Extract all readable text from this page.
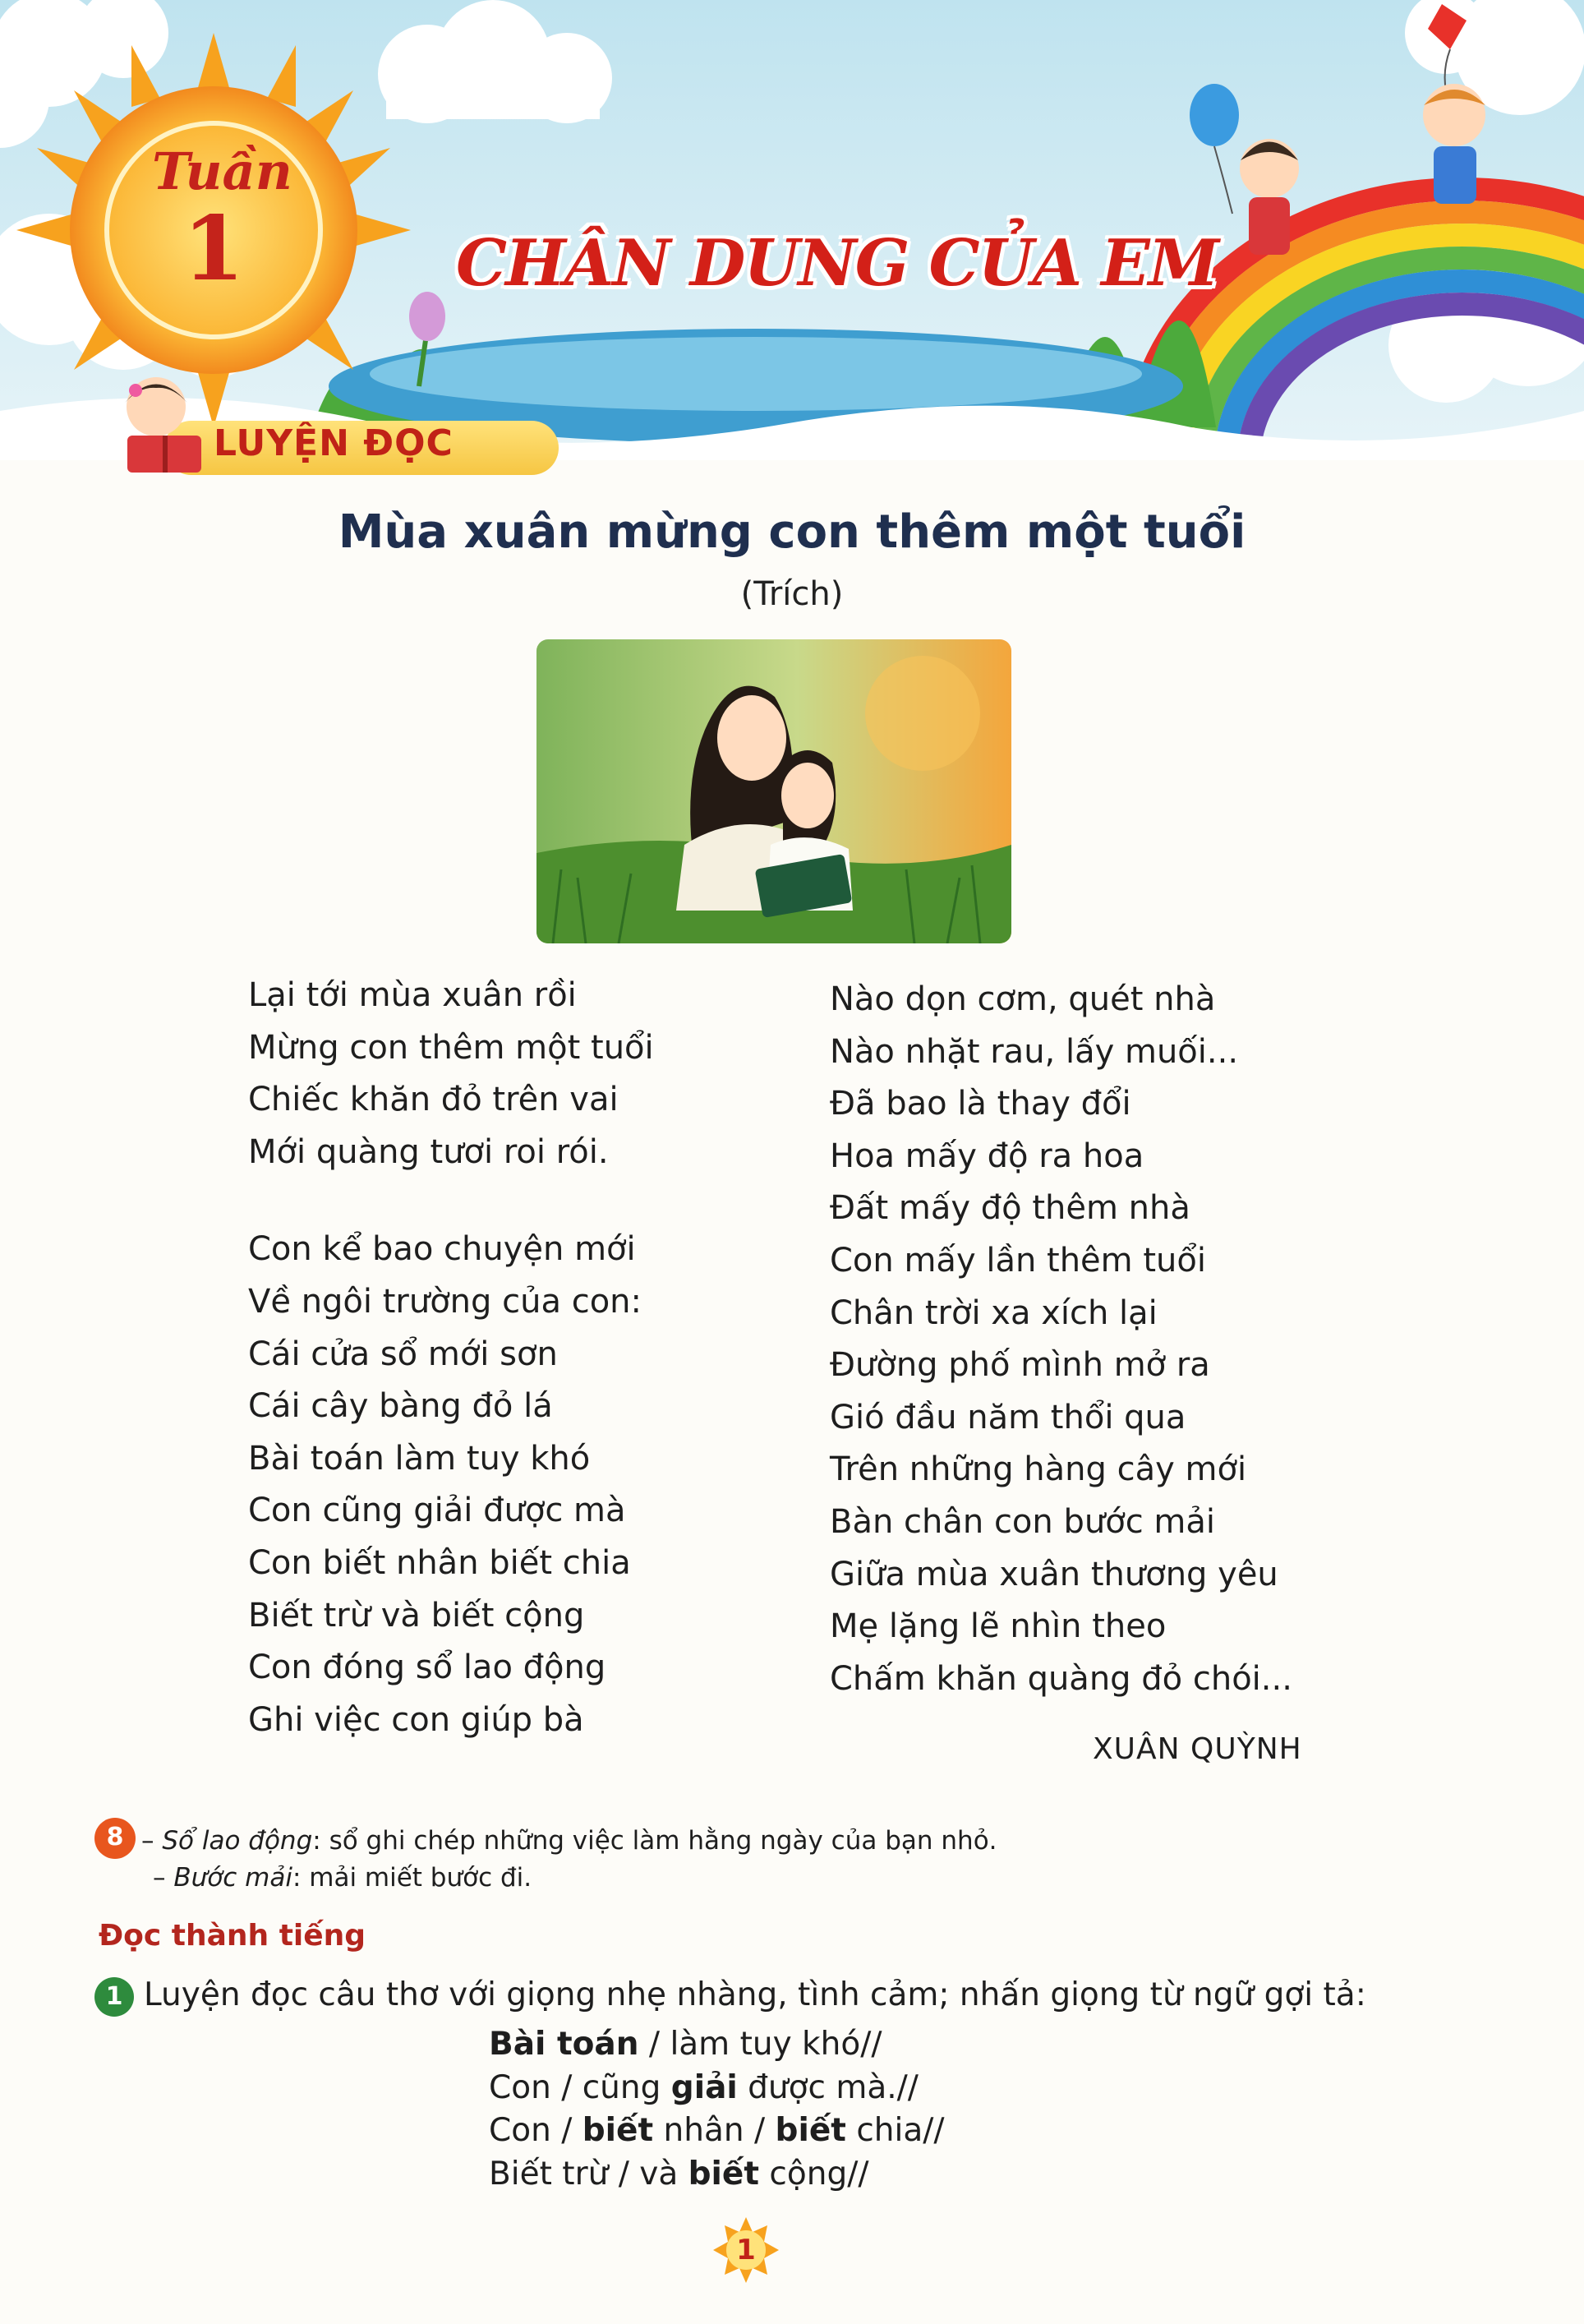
Tuần
1	CHÂN DUNG CỦA EM
LUYỆN ĐỌC
Mùa xuân mừng con thêm một tuổi
(Trích)
Lại tới mùa xuân rồi
Mừng con thêm một tuổi
Chiếc khăn đỏ trên vai
Mới quàng tươi roi rói.
Con kể bao chuyện mới
Về ngôi trường của con:
Cái cửa sổ mới sơn
Cái cây bàng đỏ lá
Bài toán làm tuy khó
Con cũng giải được mà
Con biết nhân biết chia
Biết trừ và biết cộng
Con đóng sổ lao động
Ghi việc con giúp bà
Nào dọn cơm, quét nhà
Nào nhặt rau, lấy muối...
Đã bao là thay đổi
Hoa mấy độ ra hoa
Đất mấy độ thêm nhà
Con mấy lần thêm tuổi
Chân trời xa xích lại
Đường phố mình mở ra
Gió đầu năm thổi qua
Trên những hàng cây mới
Bàn chân con bước mải
Giữa mùa xuân thương yêu
Mẹ lặng lẽ nhìn theo
Chấm khăn quàng đỏ chói...
XUÂN QUỲNH
8 – Sổ lao động: sổ ghi chép những việc làm hằng ngày của bạn nhỏ.
– Bước mải: mải miết bước đi.
Đọc thành tiếng
1 Luyện đọc câu thơ với giọng nhẹ nhàng, tình cảm; nhấn giọng từ ngữ gợi tả:
Bài toán / làm tuy khó//
Con / cũng giải được mà.//
Con / biết nhân / biết chia//
Biết trừ / và biết cộng//
1
